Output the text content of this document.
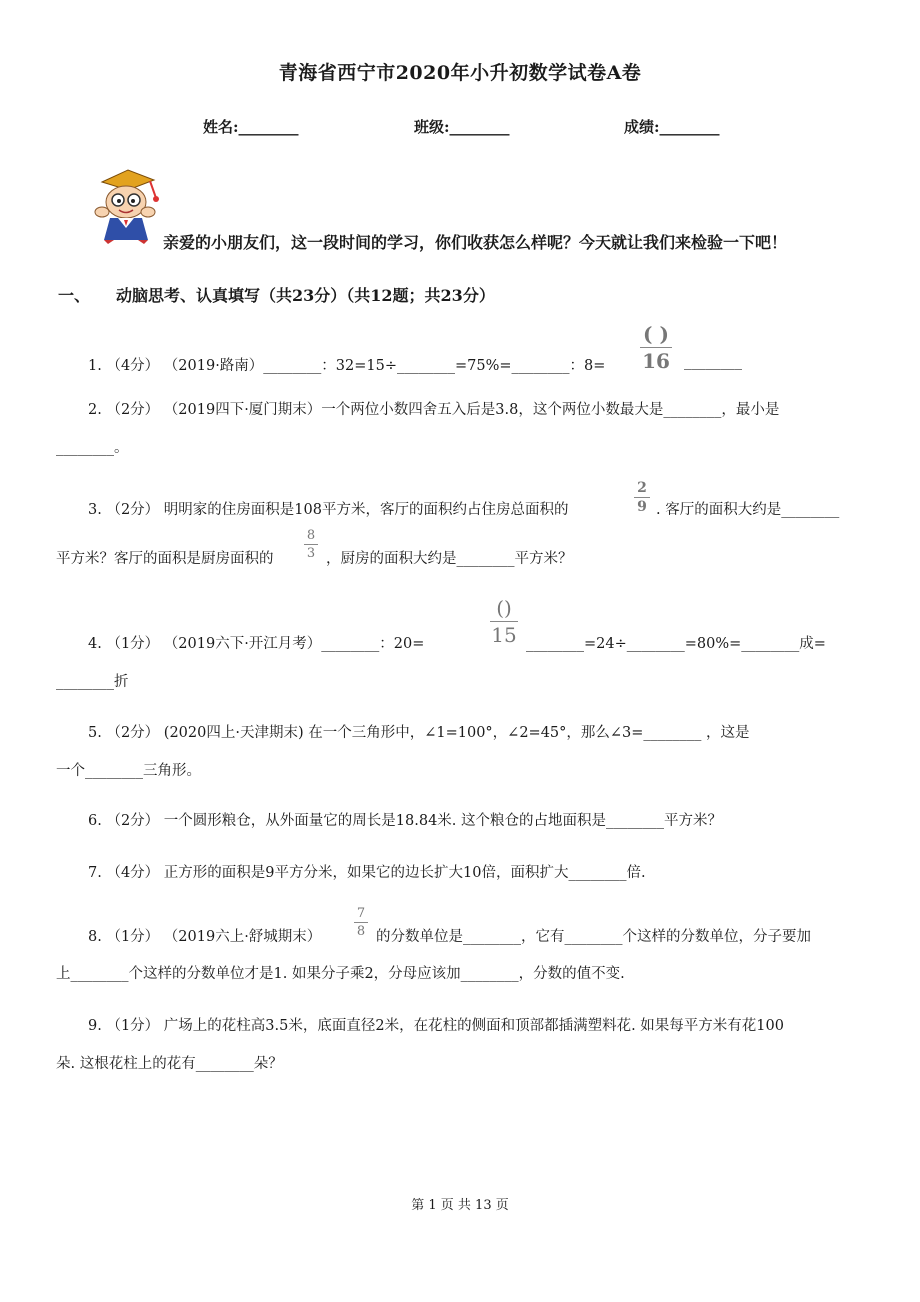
青海省西宁市2020年小升初数学试卷A卷
姓名:________	班级:________	成绩:________
亲爱的小朋友们，这一段时间的学习，你们收获怎么样呢？今天就让我们来检验一下吧！
一、 动脑思考、认真填写（共23分）（共12题；共23分）
1. （4分） （2019·路南）________：32=15÷________=75%=________：8=
( )
16 ________
2. （2分） （2019四下·厦门期末）一个两位小数四舍五入后是3.8，这个两位小数最大是________，最小是
________。
3. （2分） 明明家的住房面积是108平方米，客厅的面积约占住房总面积的
2
9 . 客厅的面积大约是________
平方米？客厅的面积是厨房面积的
8
3 ，厨房的面积大约是________平方米？
4. （1分） （2019六下·开江月考）________：20=
()
15 ________=24÷________=80%=________成=
________折
5. （2分） (2020四上·天津期末) 在一个三角形中，∠1=100°，∠2=45°，那么∠3=________ ，这是
一个________三角形。
6. （2分） 一个圆形粮仓，从外面量它的周长是18.84米. 这个粮仓的占地面积是________平方米？
7. （4分） 正方形的面积是9平方分米，如果它的边长扩大10倍，面积扩大________倍.
8. （1分） （2019六上·舒城期末）
7
8 的分数单位是________，它有________个这样的分数单位，分子要加
上________个这样的分数单位才是1. 如果分子乘2，分母应该加________，分数的值不变.
9. （1分） 广场上的花柱高3.5米，底面直径2米，在花柱的侧面和顶部都插满塑料花. 如果每平方米有花100
朵. 这根花柱上的花有________朵？
第 1 页 共 13 页
